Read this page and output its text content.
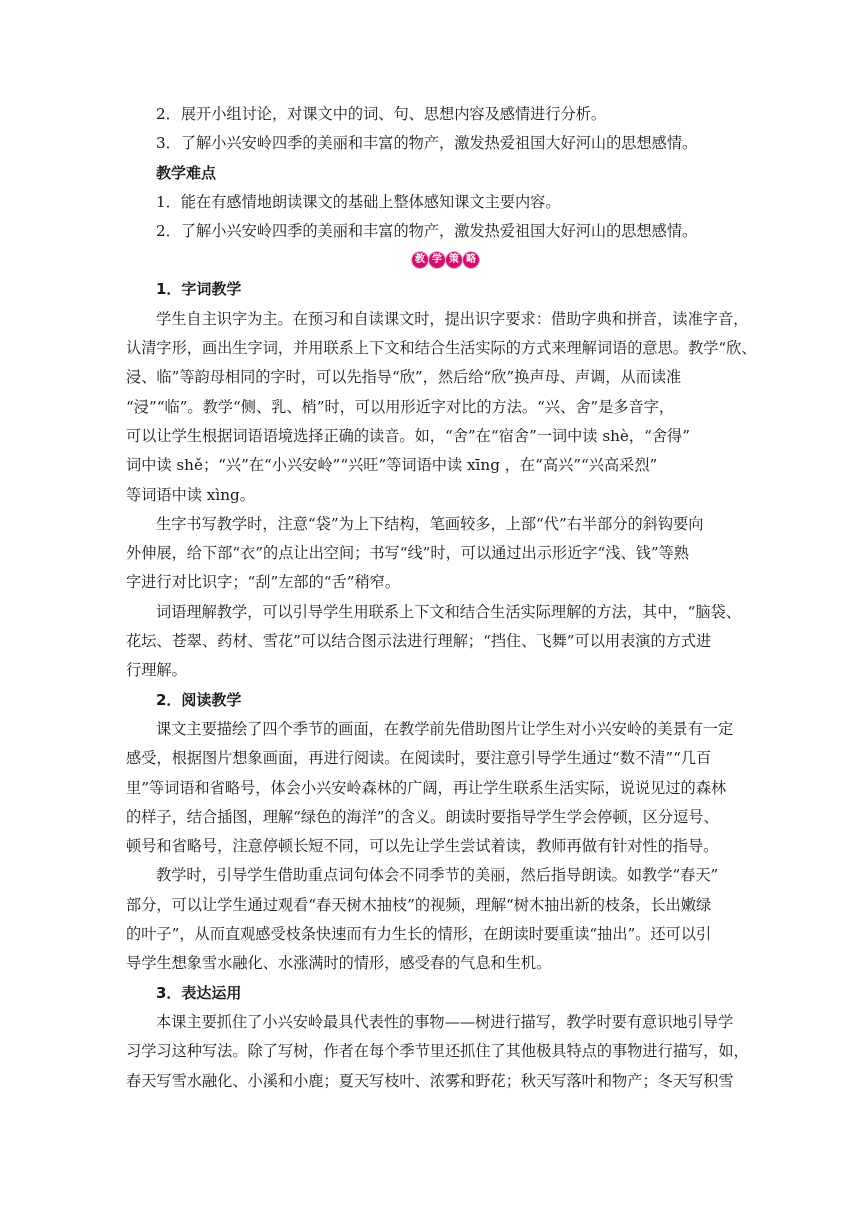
2．展开小组讨论，对课文中的词、句、思想内容及感情进行分析。
3．了解小兴安岭四季的美丽和丰富的物产，激发热爱祖国大好河山的思想感情。
教学难点
1．能在有感情地朗读课文的基础上整体感知课文主要内容。
2．了解小兴安岭四季的美丽和丰富的物产，激发热爱祖国大好河山的思想感情。
教 学 策 略
1．字词教学
学生自主识字为主。在预习和自读课文时，提出识字要求：借助字典和拼音，读准字音，
认清字形，画出生字词，并用联系上下文和结合生活实际的方式来理解词语的意思。教学“欣、
浸、临”等韵母相同的字时，可以先指导“欣”，然后给“欣”换声母、声调，从而读准
“浸”“临”。教学“侧、乳、梢”时，可以用形近字对比的方法。“兴、舍”是多音字，
可以让学生根据词语语境选择正确的读音。如，“舍”在“宿舍”一词中读 shè，“舍得”
词中读 shě；“兴”在“小兴安岭”“兴旺”等词语中读 xīng ，在“高兴”“兴高采烈”
等词语中读 xìng。
生字书写教学时，注意“袋”为上下结构，笔画较多，上部“代”右半部分的斜钩要向
外伸展，给下部“衣”的点让出空间；书写“线”时，可以通过出示形近字“浅、钱”等熟
字进行对比识字；“刮”左部的“舌”稍窄。
词语理解教学，可以引导学生用联系上下文和结合生活实际理解的方法，其中，“脑袋、
花坛、苍翠、药材、雪花”可以结合图示法进行理解；“挡住、飞舞”可以用表演的方式进
行理解。
2．阅读教学
课文主要描绘了四个季节的画面，在教学前先借助图片让学生对小兴安岭的美景有一定
感受，根据图片想象画面，再进行阅读。在阅读时，要注意引导学生通过“数不清”“几百
里”等词语和省略号，体会小兴安岭森林的广阔，再让学生联系生活实际，说说见过的森林
的样子，结合插图，理解“绿色的海洋”的含义。朗读时要指导学生学会停顿，区分逗号、
顿号和省略号，注意停顿长短不同，可以先让学生尝试着读，教师再做有针对性的指导。
教学时，引导学生借助重点词句体会不同季节的美丽，然后指导朗读。如教学“春天”
部分，可以让学生通过观看“春天树木抽枝”的视频，理解“树木抽出新的枝条，长出嫩绿
的叶子”，从而直观感受枝条快速而有力生长的情形，在朗读时要重读“抽出”。还可以引
导学生想象雪水融化、水涨满时的情形，感受春的气息和生机。
3．表达运用
本课主要抓住了小兴安岭最具代表性的事物——树进行描写，教学时要有意识地引导学
习学习这种写法。除了写树，作者在每个季节里还抓住了其他极具特点的事物进行描写，如，
春天写雪水融化、小溪和小鹿；夏天写枝叶、浓雾和野花；秋天写落叶和物产；冬天写积雪
